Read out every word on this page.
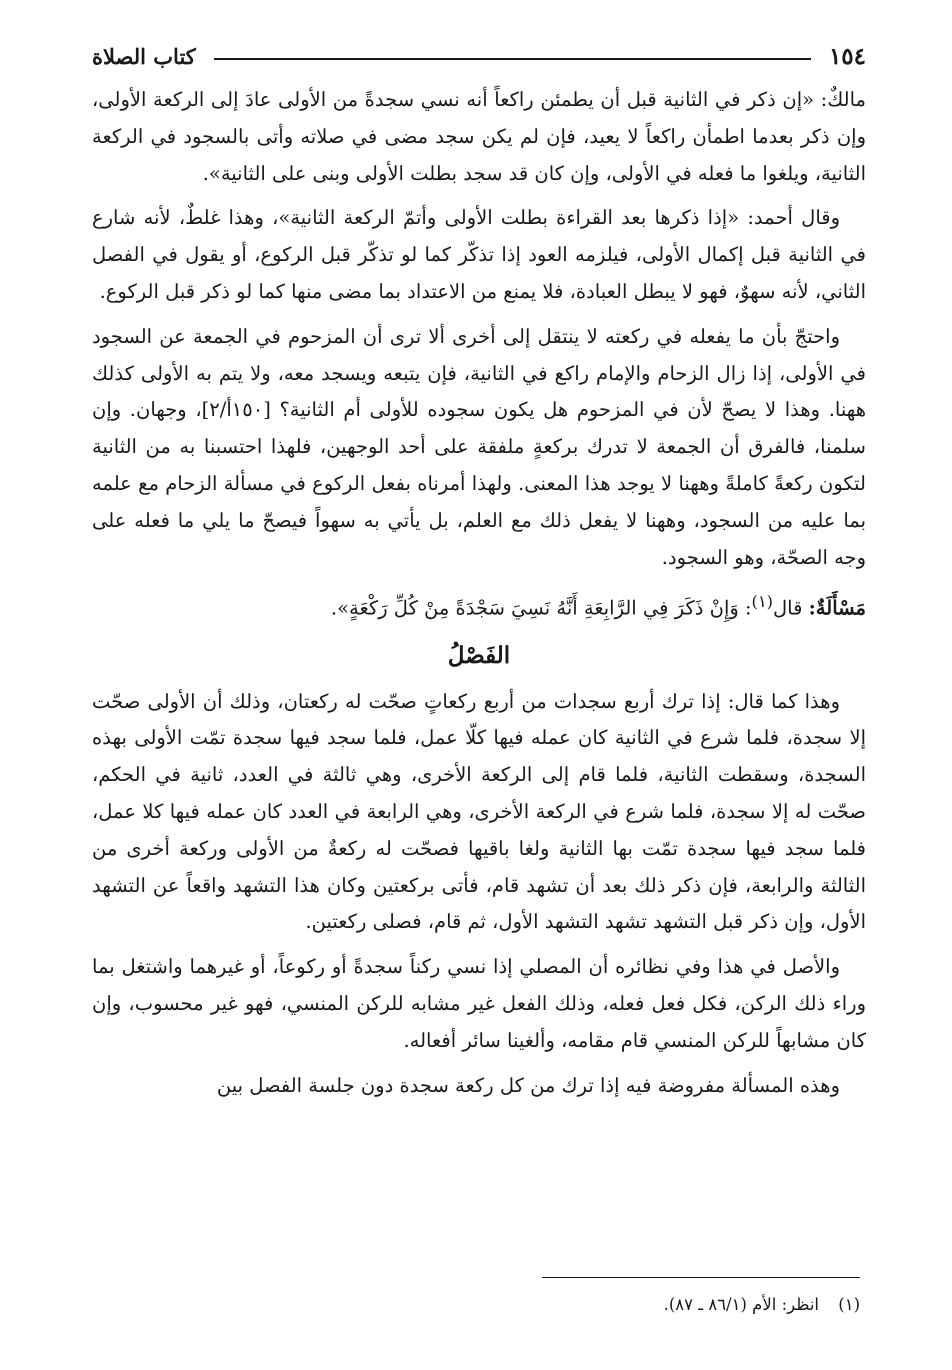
١٥٤
كتاب الصلاة

مالكٌ: «إن ذكر في الثانية قبل أن يطمئن راكعاً أنه نسي سجدةً من الأولى عادَ إلى الركعة الأولى، وإن ذكر بعدما اطمأن راكعاً لا يعيد، فإن لم يكن سجد مضى في صلاته وأتى بالسجود في الركعة الثانية، ويلغوا ما فعله في الأولى، وإن كان قد سجد بطلت الأولى وبنى على الثانية».

وقال أحمد: «إذا ذكرها بعد القراءة بطلت الأولى وأتمّ الركعة الثانية»، وهذا غلطٌ، لأنه شارع في الثانية قبل إكمال الأولى، فيلزمه العود إذا تذكّر كما لو تذكّر قبل الركوع، أو يقول في الفصل الثاني، لأنه سهوٌ، فهو لا يبطل العبادة، فلا يمنع من الاعتداد بما مضى منها كما لو ذكر قبل الركوع.

واحتجّ بأن ما يفعله في ركعته لا ينتقل إلى أخرى ألا ترى أن المزحوم في الجمعة عن السجود في الأولى، إذا زال الزحام والإمام راكع في الثانية، فإن يتبعه ويسجد معه، ولا يتم به الأولى كذلك ههنا. وهذا لا يصحّ لأن في المزحوم هل يكون سجوده للأولى أم الثانية؟ [١٥٠أ/٢]، وجهان. وإن سلمنا، فالفرق أن الجمعة لا تدرك بركعةٍ ملفقة على أحد الوجهين، فلهذا احتسبنا به من الثانية لتكون ركعةً كاملةً وههنا لا يوجد هذا المعنى. ولهذا أمرناه بفعل الركوع في مسألة الزحام مع علمه بما عليه من السجود، وههنا لا يفعل ذلك مع العلم، بل يأتي به سهواً فيصحّ ما يلي ما فعله على وجه الصحّة، وهو السجود.

مَسْأَلَةٌ: قال$^{(١)}$: وَإِنْ ذَكَرَ فِي الرَّابِعَةِ أَنَّهُ نَسِيَ سَجْدَةً مِنْ كُلِّ رَكْعَةٍ».

الفَصْلُ

وهذا كما قال: إذا ترك أربع سجدات من أربع ركعاتٍ صحّت له ركعتان، وذلك أن الأولى صحّت إلا سجدة، فلما شرع في الثانية كان عمله فيها كلّا عمل، فلما سجد فيها سجدة تمّت الأولى بهذه السجدة، وسقطت الثانية، فلما قام إلى الركعة الأخرى، وهي ثالثة في العدد، ثانية في الحكم، صحّت له إلا سجدة، فلما شرع في الركعة الأخرى، وهي الرابعة في العدد كان عمله فيها كلا عمل، فلما سجد فيها سجدة تمّت بها الثانية ولغا باقيها فصحّت له ركعةٌ من الأولى وركعة أخرى من الثالثة والرابعة، فإن ذكر ذلك بعد أن تشهد قام، فأتى بركعتين وكان هذا التشهد واقعاً عن التشهد الأول، وإن ذكر قبل التشهد تشهد التشهد الأول، ثم قام، فصلى ركعتين.

والأصل في هذا وفي نظائره أن المصلي إذا نسي ركناً سجدةً أو ركوعاً، أو غيرهما واشتغل بما وراء ذلك الركن، فكل فعل فعله، وذلك الفعل غير مشابه للركن المنسي، فهو غير محسوب، وإن كان مشابهاً للركن المنسي قام مقامه، وألغينا سائر أفعاله.

وهذه المسألة مفروضة فيه إذا ترك من كل ركعة سجدة دون جلسة الفصل بين

(١) انظر: الأم (٨٦/١ ـ ٨٧).
